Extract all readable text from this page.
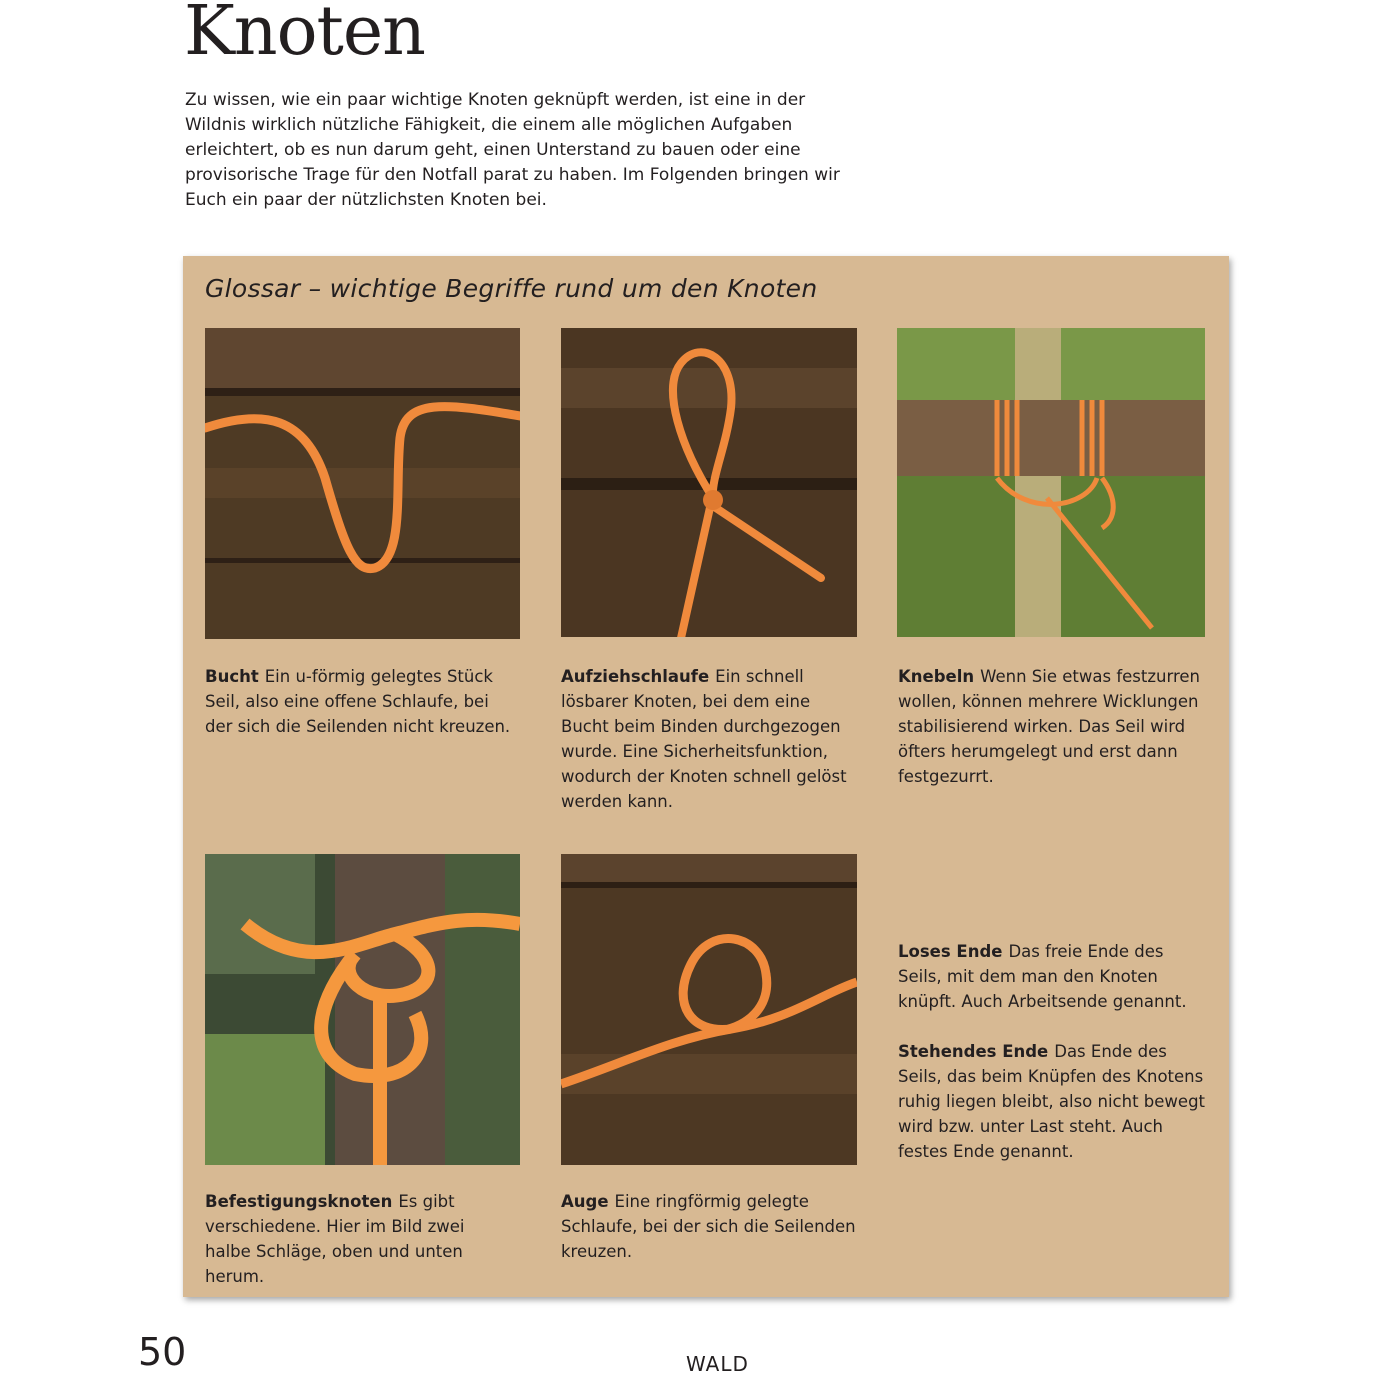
Knoten

Zu wissen, wie ein paar wichtige Knoten geknüpft werden, ist eine in der Wildnis wirklich nützliche Fähigkeit, die einem alle möglichen Aufgaben erleichtert, ob es nun darum geht, einen Unterstand zu bauen oder eine provisorische Trage für den Notfall parat zu haben. Im Folgenden bringen wir Euch ein paar der nützlichsten Knoten bei.

Glossar – wichtige Begriffe rund um den Knoten

Bucht Ein u-förmig gelegtes Stück Seil, also eine offene Schlaufe, bei der sich die Seilenden nicht kreuzen.

Aufziehschlaufe Ein schnell lösbarer Knoten, bei dem eine Bucht beim Binden durchgezogen wurde. Eine Sicherheitsfunktion, wodurch der Knoten schnell gelöst werden kann.

Knebeln Wenn Sie etwas festzurren wollen, können mehrere Wicklungen stabilisierend wirken. Das Seil wird öfters herumgelegt und erst dann festgezurrt.

Loses Ende Das freie Ende des Seils, mit dem man den Knoten knüpft. Auch Arbeitsende genannt.

Stehendes Ende Das Ende des Seils, das beim Knüpfen des Knotens ruhig liegen bleibt, also nicht bewegt wird bzw. unter Last steht. Auch festes Ende genannt.

Befestigungsknoten Es gibt verschiedene. Hier im Bild zwei halbe Schläge, oben und unten herum.

Auge Eine ringförmig gelegte Schlaufe, bei der sich die Seilenden kreuzen.

50	WALD
